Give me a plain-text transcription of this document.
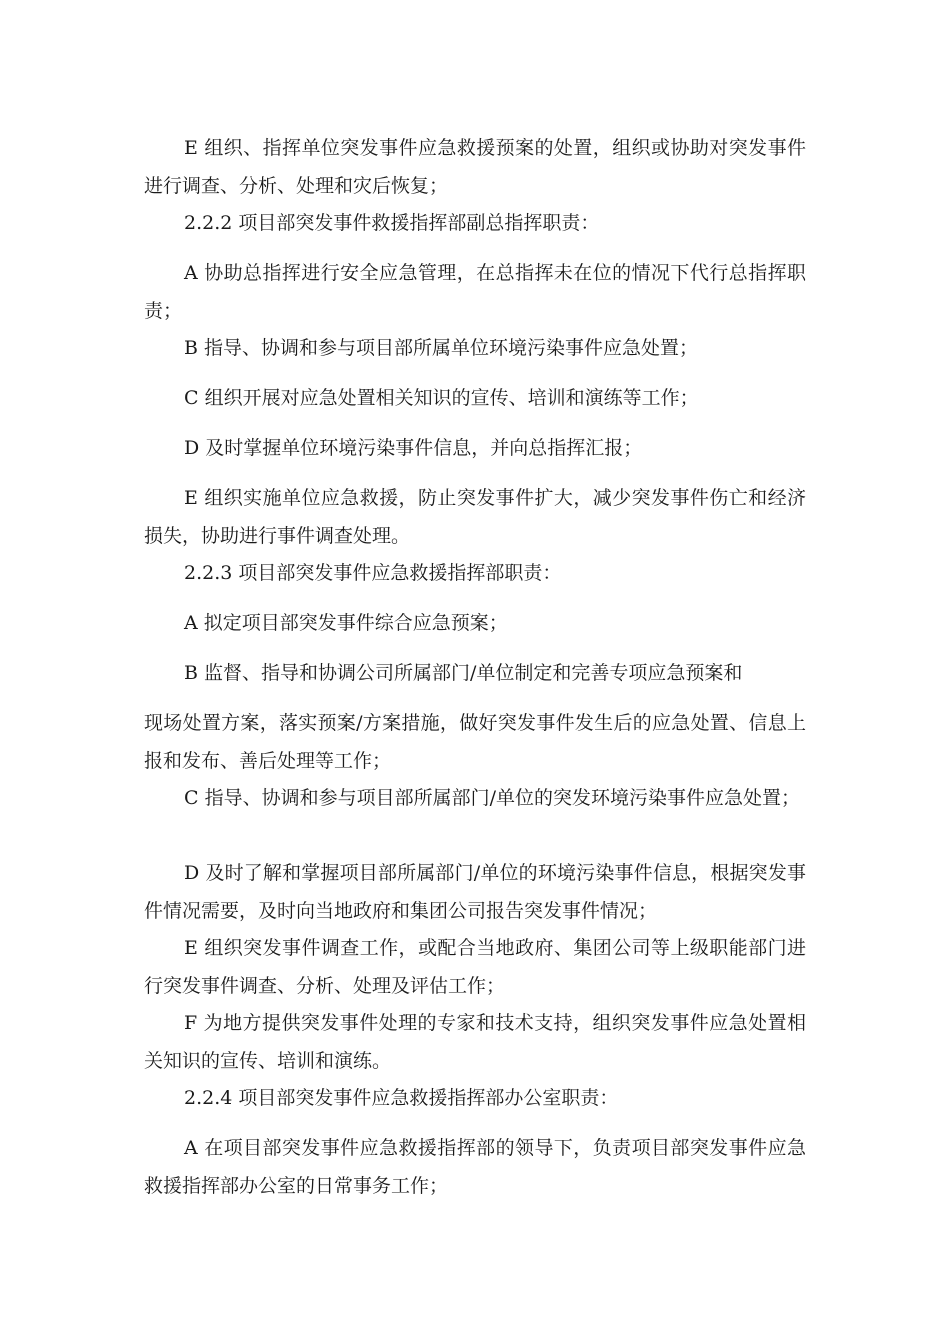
E 组织、指挥单位突发事件应急救援预案的处置，组织或协助对突发事件进行调查、分析、处理和灾后恢复；

2.2.2 项目部突发事件救援指挥部副总指挥职责：

A 协助总指挥进行安全应急管理，在总指挥未在位的情况下代行总指挥职责；

B 指导、协调和参与项目部所属单位环境污染事件应急处置；

C 组织开展对应急处置相关知识的宣传、培训和演练等工作；

D 及时掌握单位环境污染事件信息，并向总指挥汇报；

E 组织实施单位应急救援，防止突发事件扩大，减少突发事件伤亡和经济损失，协助进行事件调查处理。

2.2.3 项目部突发事件应急救援指挥部职责：

A 拟定项目部突发事件综合应急预案；

B 监督、指导和协调公司所属部门/单位制定和完善专项应急预案和

现场处置方案，落实预案/方案措施，做好突发事件发生后的应急处置、信息上报和发布、善后处理等工作；

C 指导、协调和参与项目部所属部门/单位的突发环境污染事件应急处置；

D 及时了解和掌握项目部所属部门/单位的环境污染事件信息，根据突发事件情况需要，及时向当地政府和集团公司报告突发事件情况；

E 组织突发事件调查工作，或配合当地政府、集团公司等上级职能部门进行突发事件调查、分析、处理及评估工作；

F 为地方提供突发事件处理的专家和技术支持，组织突发事件应急处置相关知识的宣传、培训和演练。

2.2.4 项目部突发事件应急救援指挥部办公室职责：

A 在项目部突发事件应急救援指挥部的领导下，负责项目部突发事件应急救援指挥部办公室的日常事务工作；
